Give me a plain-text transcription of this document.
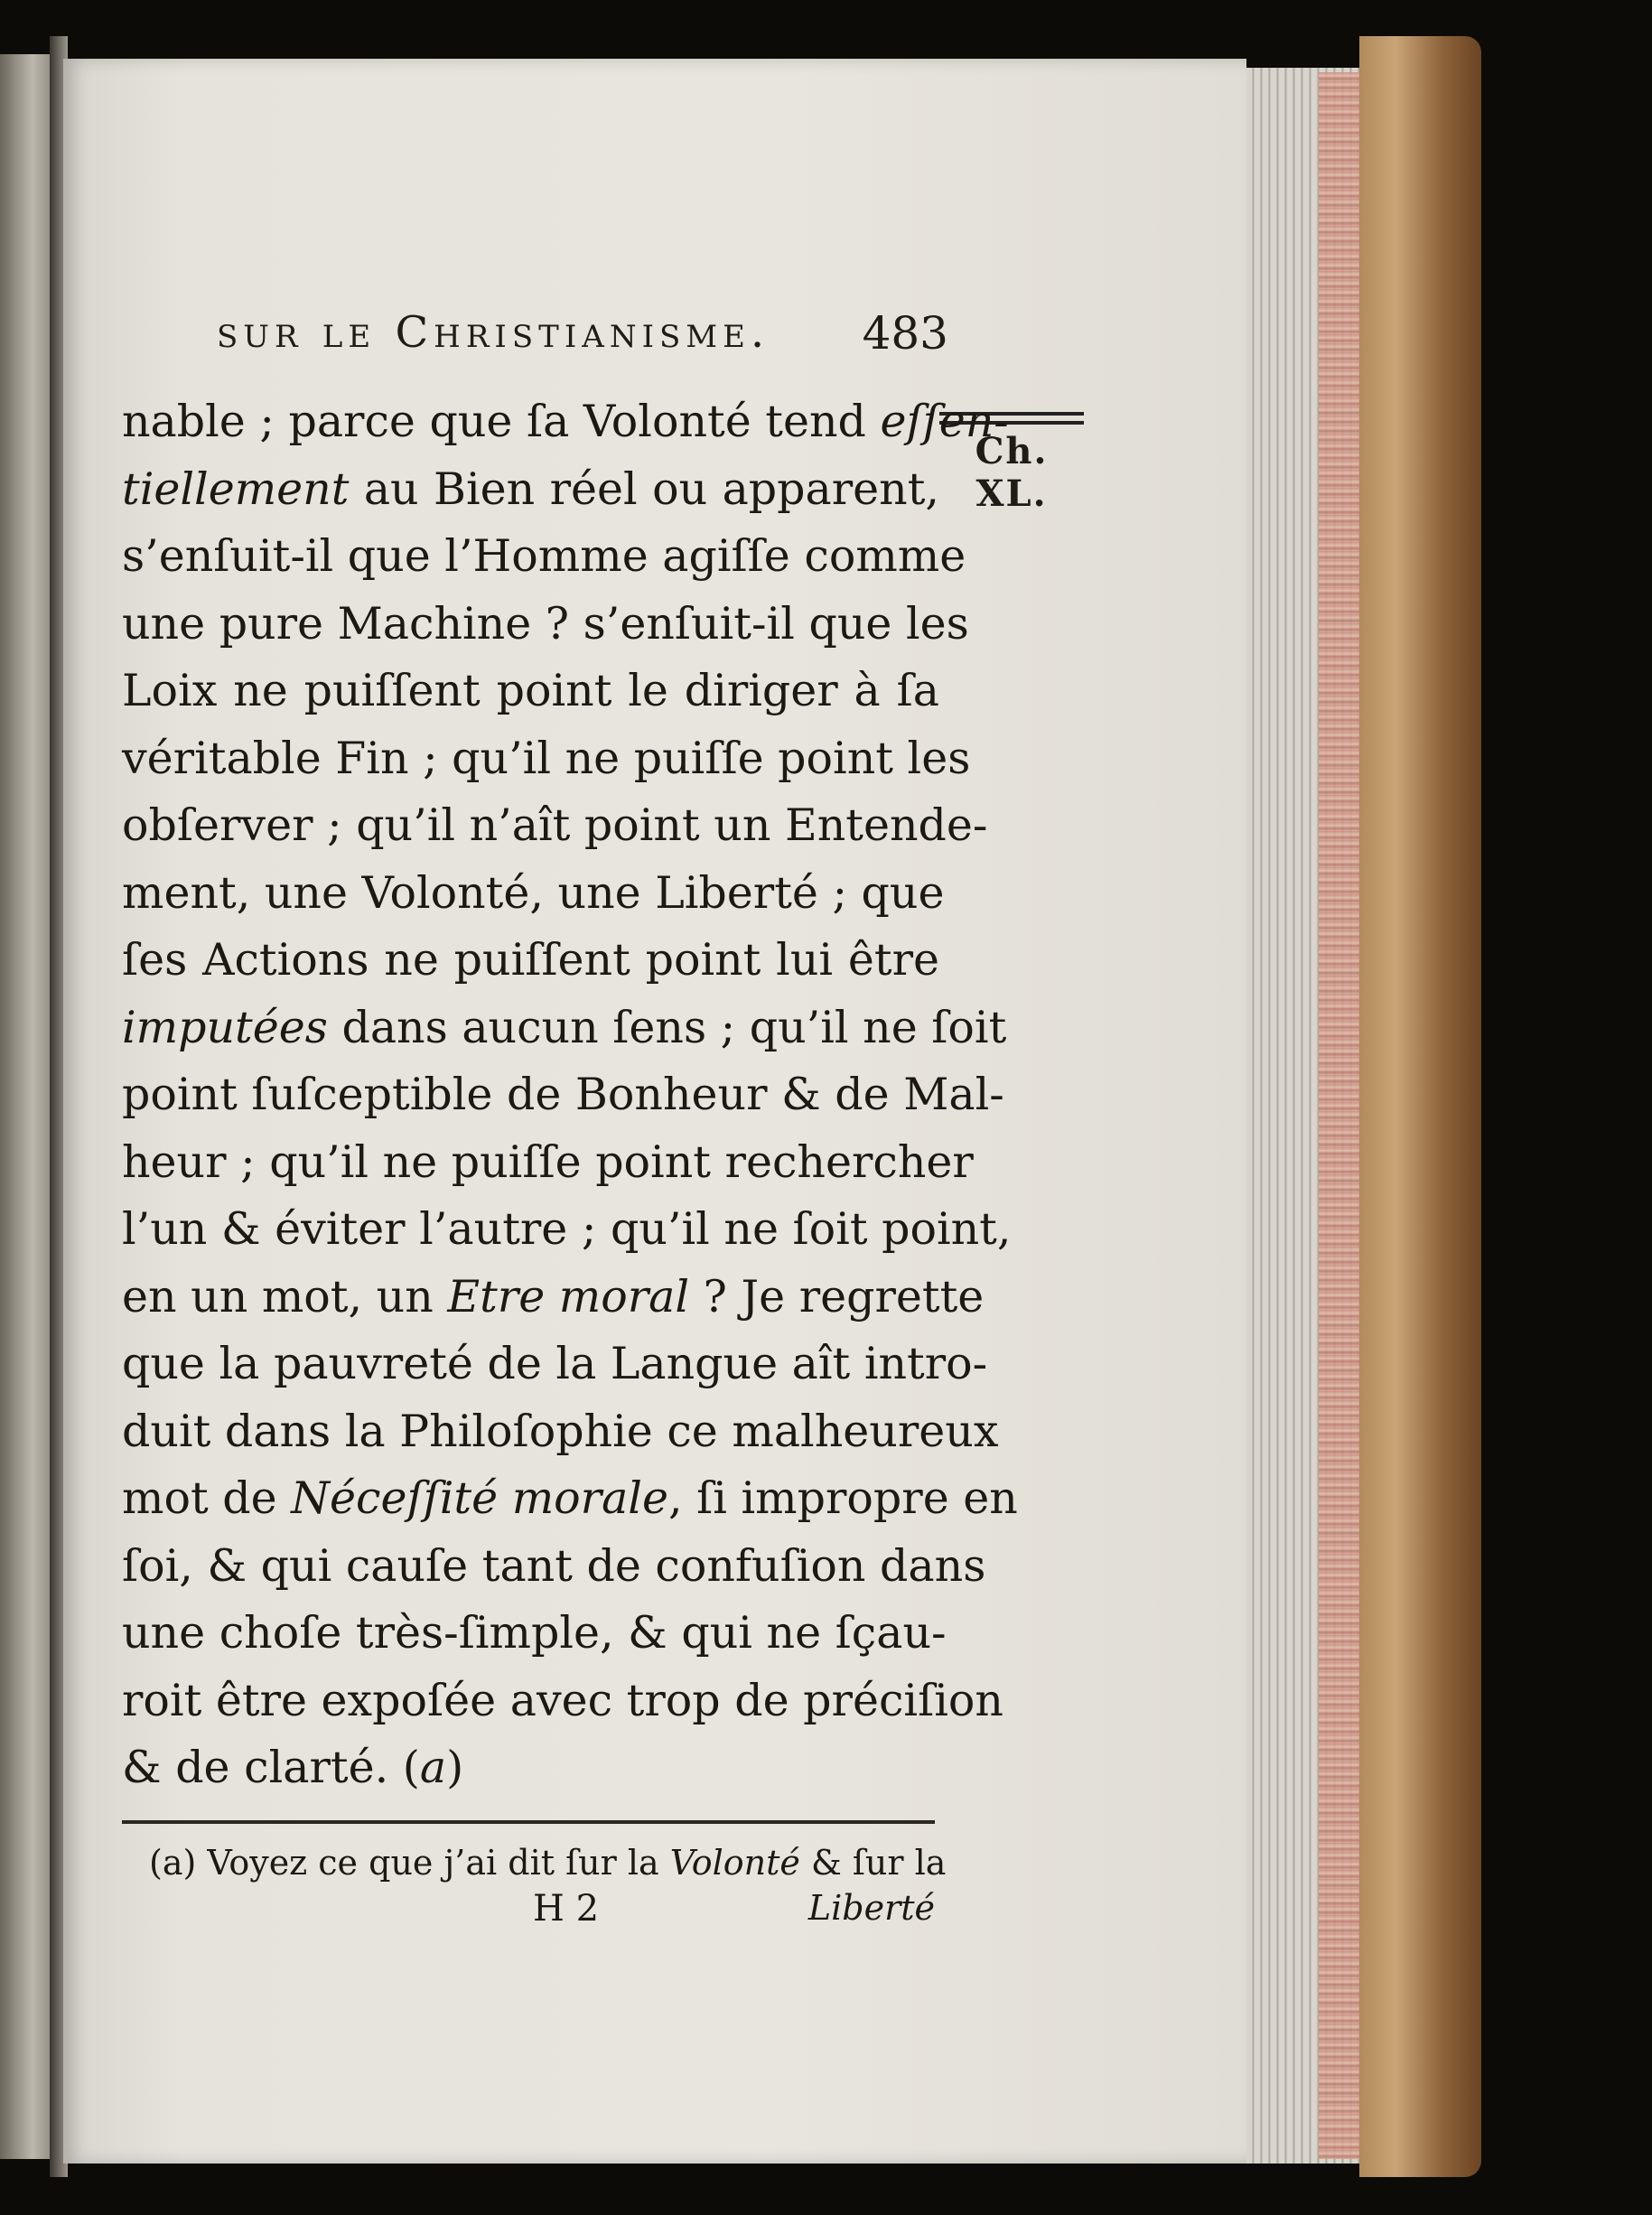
sur le Christianisme. 483
Ch. XL.
nable ; parce que ſa Volonté tend eſſen-
tiellement au Bien réel ou apparent,
s’enſuit-il que l’Homme agiſſe comme
une pure Machine ? s’enſuit-il que les
Loix ne puiſſent point le diriger à ſa
véritable Fin ; qu’il ne puiſſe point les
obſerver ; qu’il n’aît point un Entende-
ment, une Volonté, une Liberté ; que
ſes Actions ne puiſſent point lui être
imputées dans aucun ſens ; qu’il ne ſoit
point ſuſceptible de Bonheur & de Mal-
heur ; qu’il ne puiſſe point rechercher
l’un & éviter l’autre ; qu’il ne ſoit point,
en un mot, un Etre moral ? Je regrette
que la pauvreté de la Langue aît intro-
duit dans la Philoſophie ce malheureux
mot de Néceſſité morale, ſi impropre en
ſoi, & qui cauſe tant de confuſion dans
une choſe très-ſimple, & qui ne ſçau-
roit être expoſée avec trop de préciſion
& de clarté. (a)
(a) Voyez ce que j’ai dit ſur la Volonté & ſur la
H 2	Liberté
